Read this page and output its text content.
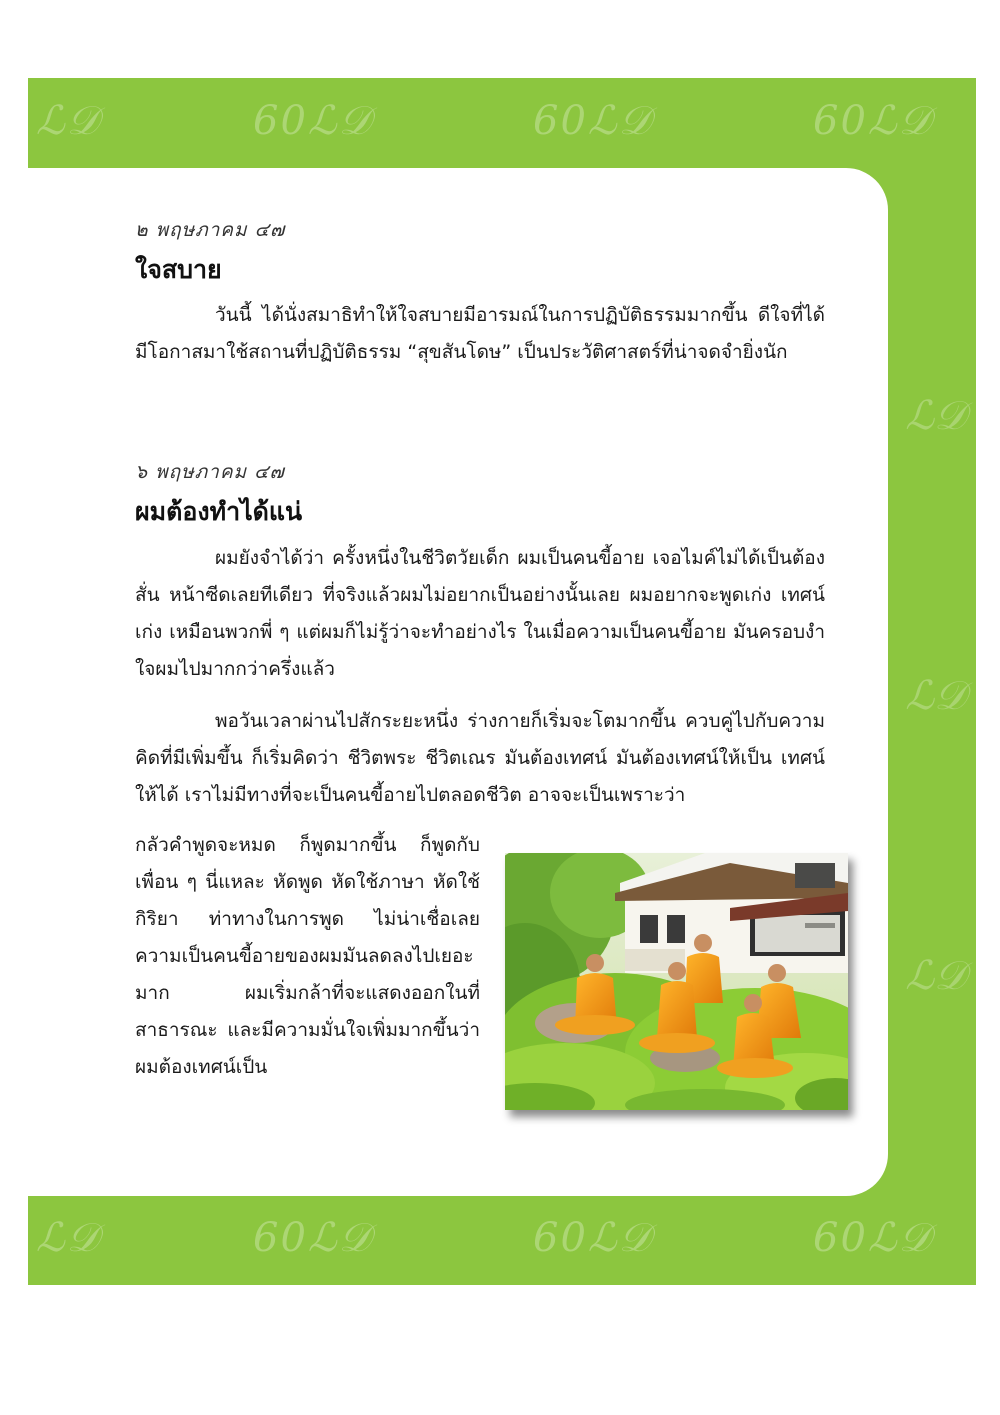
ℒ𝒟	60ℒ𝒟	60ℒ𝒟	60ℒ𝒟
ℒ𝒟
ℒ𝒟
ℒ𝒟
ℒ𝒟	60ℒ𝒟	60ℒ𝒟	60ℒ𝒟
๒ พฤษภาคม ๔๗
ใจสบาย

วันนี้ ได้นั่งสมาธิทำให้ใจสบายมีอารมณ์ในการปฏิบัติธรรมมากขึ้น ดีใจที่ได้มีโอกาสมาใช้สถานที่ปฏิบัติธรรม “สุขสันโดษ” เป็นประวัติศาสตร์ที่น่าจดจำยิ่งนัก

๖ พฤษภาคม ๔๗
ผมต้องทำได้แน่

ผมยังจำได้ว่า ครั้งหนึ่งในชีวิตวัยเด็ก ผมเป็นคนขี้อาย เจอไมค์ไม่ได้เป็นต้องสั่น หน้าซีดเลยทีเดียว ที่จริงแล้วผมไม่อยากเป็นอย่างนั้นเลย ผมอยากจะพูดเก่ง เทศน์เก่ง เหมือนพวกพี่ ๆ แต่ผมก็ไม่รู้ว่าจะทำอย่างไร ในเมื่อความเป็นคนขี้อาย มันครอบงำใจผมไปมากกว่าครึ่งแล้ว

พอวันเวลาผ่านไปสักระยะหนึ่ง ร่างกายก็เริ่มจะโตมากขึ้น ควบคู่ไปกับความคิดที่มีเพิ่มขึ้น ก็เริ่มคิดว่า ชีวิตพระ ชีวิตเณร มันต้องเทศน์ มันต้องเทศน์ให้เป็น เทศน์ให้ได้ เราไม่มีทางที่จะเป็นคนขี้อายไปตลอดชีวิต อาจจะเป็นเพราะว่า

กลัวคำพูดจะหมด ก็พูดมากขึ้น ก็พูดกับเพื่อน ๆ นี่แหละ หัดพูด หัดใช้ภาษา หัดใช้กิริยา ท่าทางในการพูด ไม่น่าเชื่อเลย ความเป็นคนขี้อายของผมมันลดลงไปเยอะมาก ผมเริ่มกล้าที่จะแสดงออกในที่สาธารณะ และมีความมั่นใจเพิ่มมากขึ้นว่า ผมต้องเทศน์เป็น
